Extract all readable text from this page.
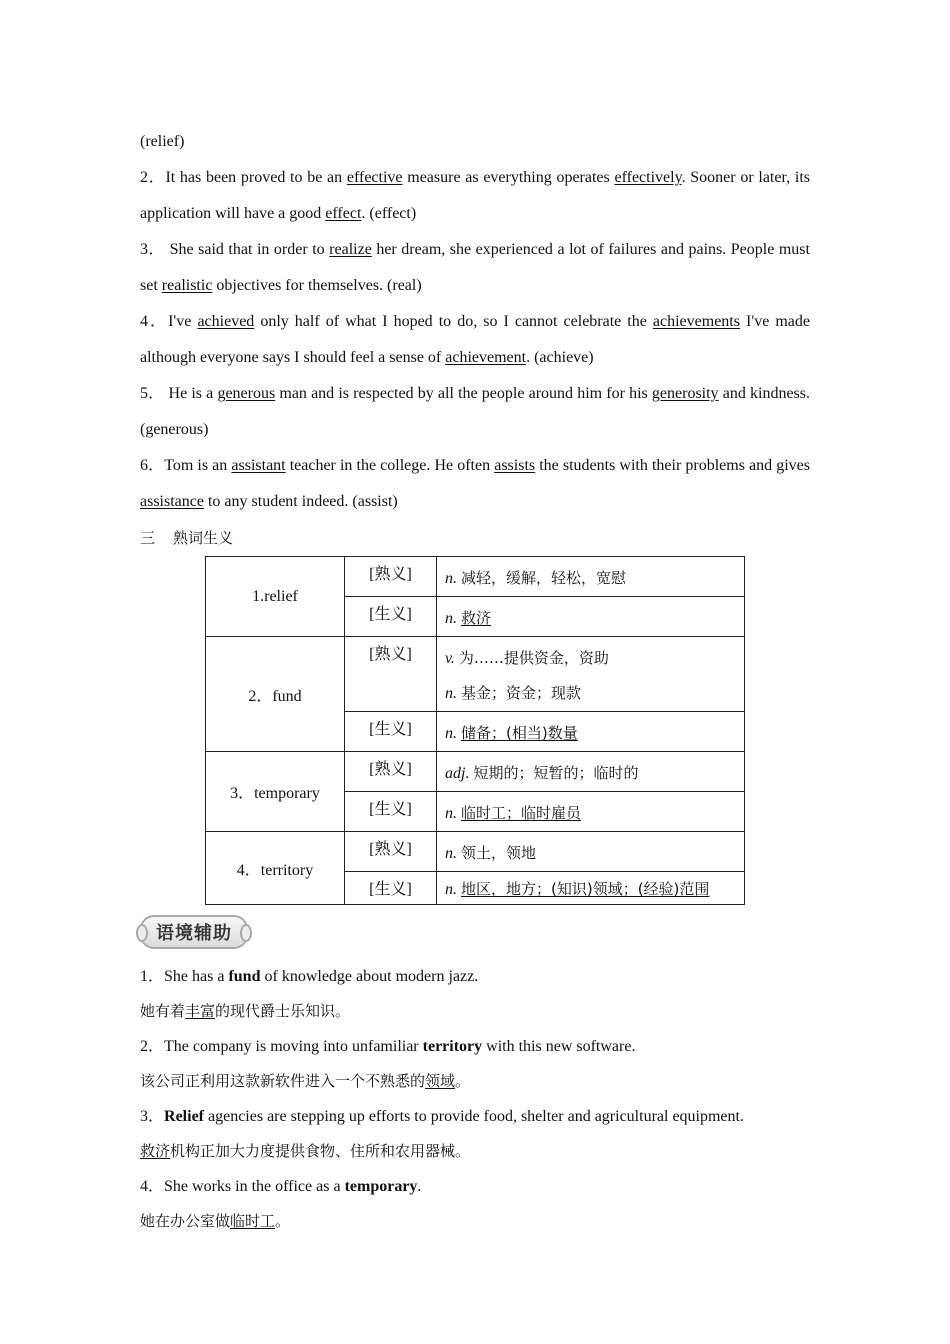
(relief)

2．It has been proved to be an effective measure as everything operates effectively. Sooner or later, its application will have a good effect. (effect)

3． She said that in order to realize her dream, she experienced a lot of failures and pains. People must set realistic objectives for themselves. (real)

4．I've achieved only half of what I hoped to do, so I cannot celebrate the achievements I've made although everyone says I should feel a sense of achievement. (achieve)

5． He is a generous man and is respected by all the people around him for his generosity and kindness. (generous)

6．Tom is an assistant teacher in the college. He often assists the students with their problems and gives assistance to any student indeed. (assist)

三 熟词生义

1.relief	[熟义]	n. 减轻，缓解，轻松，宽慰
	[生义]	n. 救济
2．fund	[熟义]	v. 为……提供资金，资助
n. 基金；资金；现款

	[生义]	n. 储备；(相当)数量
3．temporary	[熟义]	adj. 短期的；短暂的；临时的
	[生义]	n. 临时工；临时雇员
4．territory	[熟义]	n. 领土，领地
	[生义]	n. 地区，地方；(知识)领域；(经验)范围
语境辅助

1．She has a fund of knowledge about modern jazz.

她有着丰富的现代爵士乐知识。

2．The company is moving into unfamiliar territory with this new software.

该公司正利用这款新软件进入一个不熟悉的领域。

3．Relief agencies are stepping up efforts to provide food, shelter and agricultural equipment.

救济机构正加大力度提供食物、住所和农用器械。

4．She works in the office as a temporary.

她在办公室做临时工。
